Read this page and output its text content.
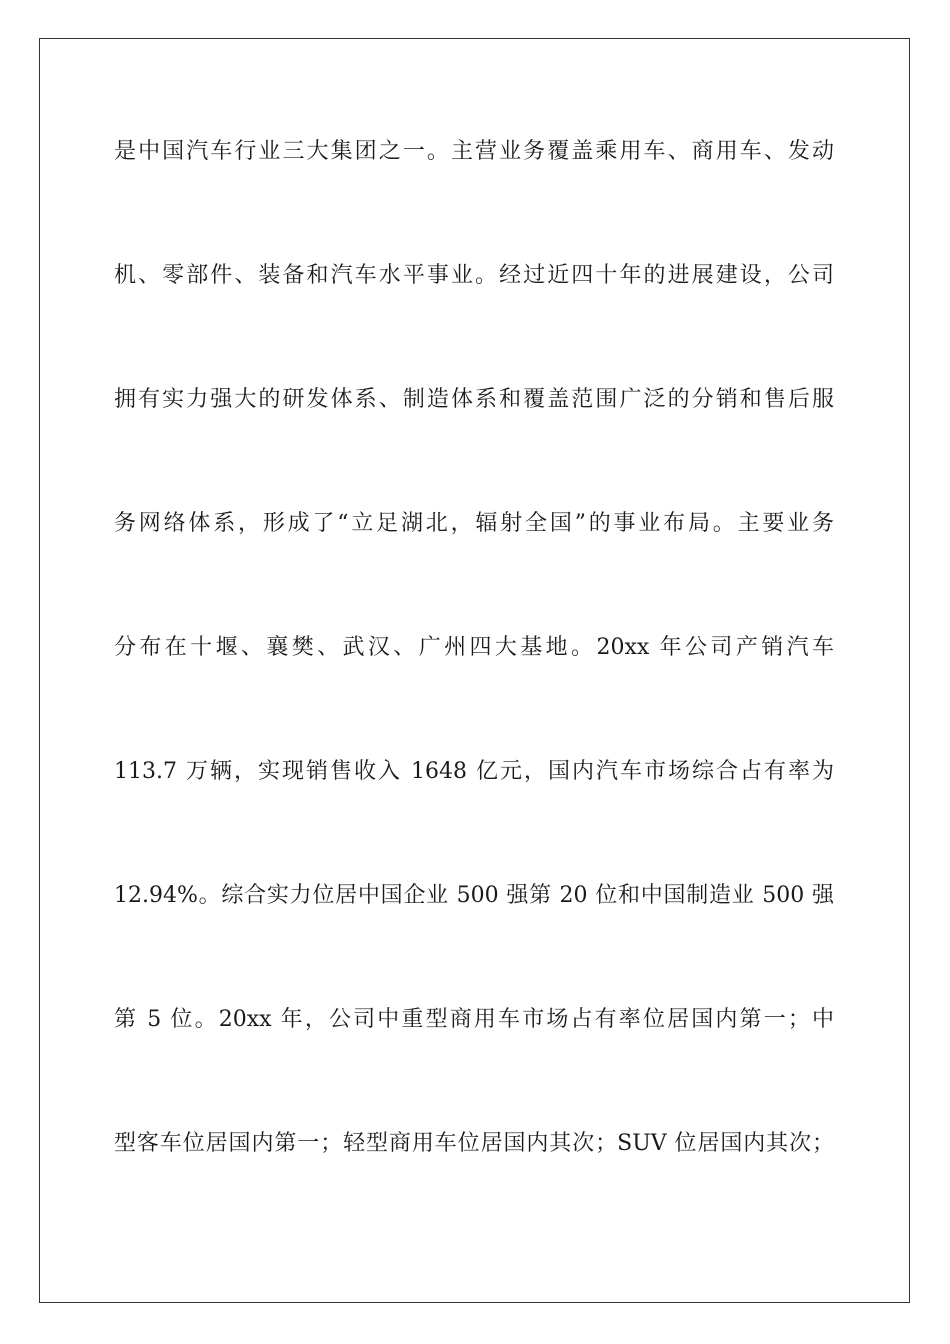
是中国汽车行业三大集团之一。主营业务覆盖乘用车、商用车、发动
机、零部件、装备和汽车水平事业。经过近四十年的进展建设，公司
拥有实力强大的研发体系、制造体系和覆盖范围广泛的分销和售后服
务网络体系，形成了“立足湖北，辐射全国”的事业布局。主要业务
分布在十堰、襄樊、武汉、广州四大基地。20xx 年公司产销汽车
113.7 万辆，实现销售收入 1648 亿元，国内汽车市场综合占有率为
12.94%。综合实力位居中国企业 500 强第 20 位和中国制造业 500 强
第 5 位。20xx 年，公司中重型商用车市场占有率位居国内第一；中
型客车位居国内第一；轻型商用车位居国内其次；SUV 位居国内其次；
